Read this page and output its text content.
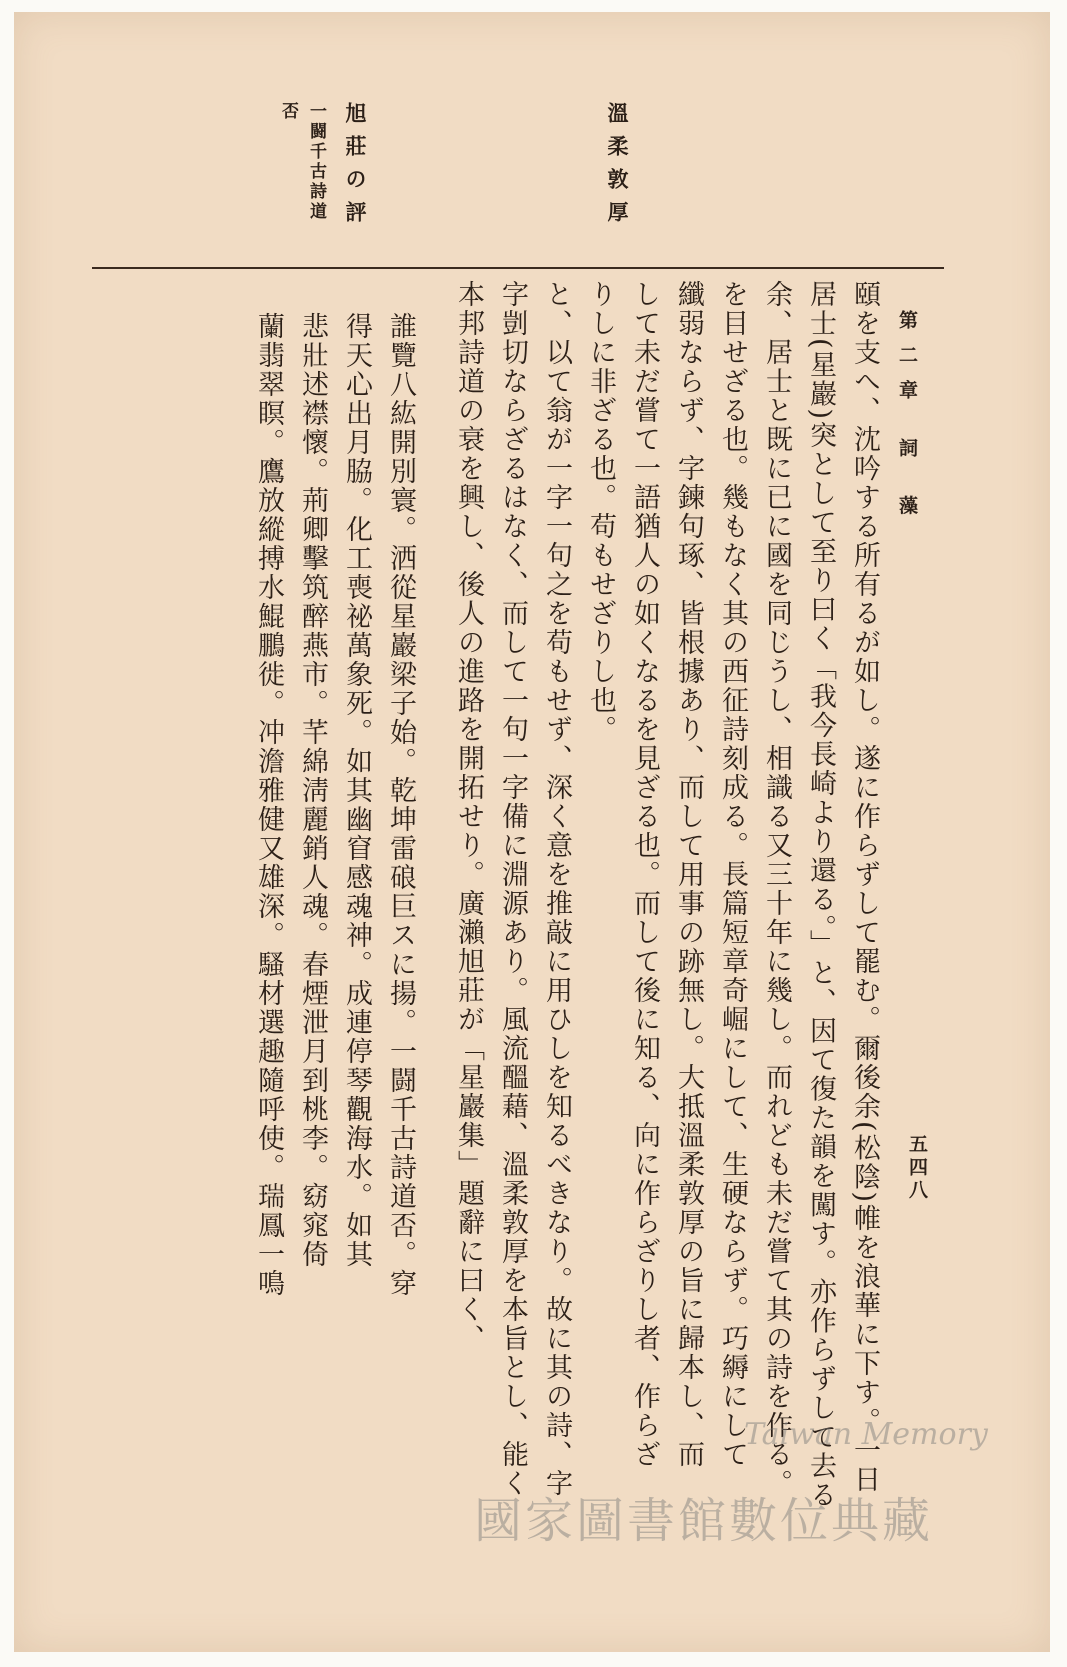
第二章 詞 藻
五四八
溫柔敦厚
旭莊の評
一闘千古詩道
否
頤を支へ、沈吟する所有るが如し。遂に作らずして罷む。爾後余(松陰)帷を浪華に下す。一日
居士(星巖)突として至り曰く「我今長崎より還る。」と、因て復た韻を闖す。亦作らずして去る
余、居士と既に已に國を同じうし、相識る又三十年に幾し。而れども未だ嘗て其の詩を作る。
を目せざる也。幾もなく其の西征詩刻成る。長篇短章奇崛にして、生硬ならず。巧縟にして
纖弱ならず、字鍊句琢、皆根據あり、而して用事の跡無し。大抵溫柔敦厚の旨に歸本し、而
して未だ嘗て一語猶人の如くなるを見ざる也。而して後に知る、向に作らざりし者、作らざ
りしに非ざる也。苟もせざりし也。
と、以て翁が一字一句之を苟もせず、深く意を推敲に用ひしを知るべきなり。故に其の詩、字
字剴切ならざるはなく、而して一句一字備に淵源あり。風流醞藉、溫柔敦厚を本旨とし、能く
本邦詩道の衰を興し、後人の進路を開拓せり。廣瀨旭莊が「星巖集」題辭に曰く、
誰覽八紘開別寰。洒從星巖梁子始。乾坤雷硠巨スに揚。一闘千古詩道否。穿
得天心出月脇。化工喪祕萬象死。如其幽窅感魂神。成連停琴觀海水。如其
悲壯述襟懷。荊卿擊筑醉燕市。芊綿淸麗銷人魂。春煙泄月到桃李。窈窕倚
蘭翡翠瞑。鷹放縱搏水鯤鵬徙。冲澹雅健又雄深。騷材選趣隨呼使。瑞鳳一鳴
Taiwan Memory
國家圖書館數位典藏
